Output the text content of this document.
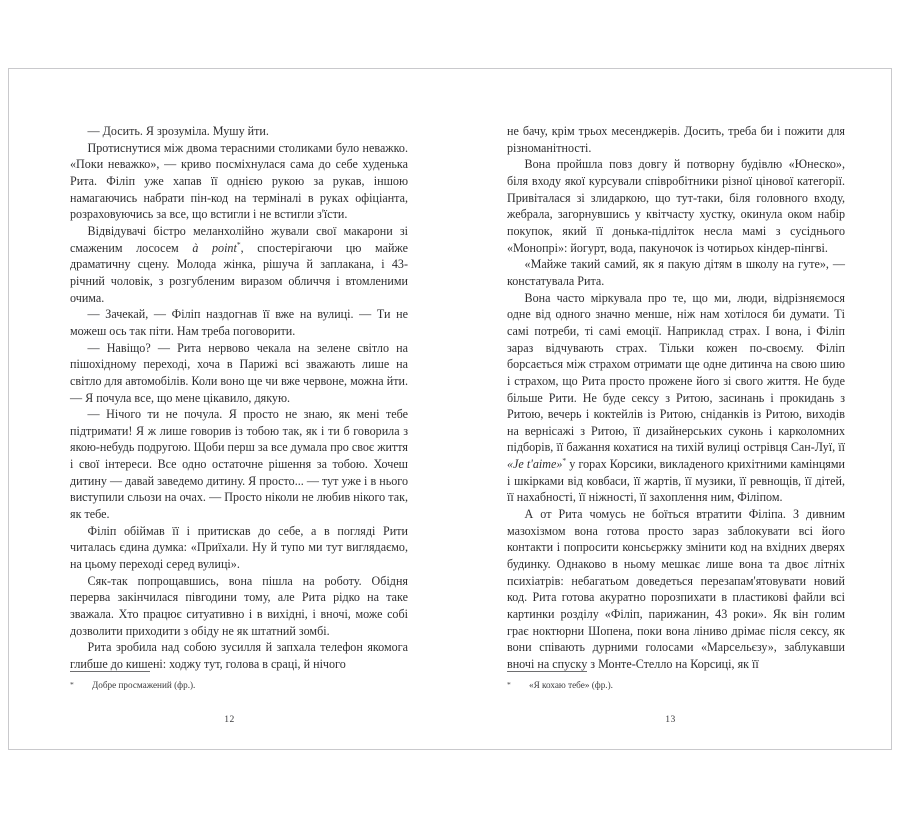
— Досить. Я зрозуміла. Мушу йти.

Протиснутися між двома терасними столиками було неважко. «Поки неважко», — криво посміхнулася сама до себе худенька Рита. Філіп уже хапав її однією рукою за рукав, іншою намагаючись набрати пін-код на терміналі в руках офіціанта, розраховуючись за все, що встигли і не встигли з'їсти.

Відвідувачі бістро меланхолійно жували свої макарони зі смаженим лососем à point*, спостерігаючи цю майже драматичну сцену. Молода жінка, рішуча й заплакана, і 43-річний чоловік, з розгубленим виразом обличчя і втомленими очима.

— Зачекай, — Філіп наздогнав її вже на вулиці. — Ти не можеш ось так піти. Нам треба поговорити.

— Навіщо? — Рита нервово чекала на зелене світло на пішохідному переході, хоча в Парижі всі зважають лише на світло для автомобілів. Коли воно ще чи вже червоне, можна йти. — Я почула все, що мене цікавило, дякую.

— Нічого ти не почула. Я просто не знаю, як мені тебе підтримати! Я ж лише говорив із тобою так, як і ти б говорила з якою-небудь подругою. Щоби перш за все думала про своє життя і свої інтереси. Все одно остаточне рішення за тобою. Хочеш дитину — давай заведемо дитину. Я просто... — тут уже і в нього виступили сльози на очах. — Просто ніколи не любив нікого так, як тебе.

Філіп обіймав її і притискав до себе, а в погляді Рити читалась єдина думка: «Приїхали. Ну й тупо ми тут виглядаємо, на цьому переході серед вулиці».

Сяк-так попрощавшись, вона пішла на роботу. Обідня перерва закінчилася півгодини тому, але Рита рідко на таке зважала. Хто працює ситуативно і в вихідні, і вночі, може собі дозволити приходити з обіду не як штатний зомбі.

Рита зробила над собою зусилля й запхала телефон якомога глибше до кишені: ходжу тут, голова в сраці, й нічого

*	Добре просмажений (фр.).
12

не бачу, крім трьох месенджерів. Досить, треба би і пожити для різноманітності.

Вона пройшла повз довгу й потворну будівлю «Юнеско», біля входу якої курсували співробітники різної цінової категорії. Привіталася зі злидаркою, що тут-таки, біля головного входу, жебрала, загорнувшись у квітчасту хустку, окинула оком набір покупок, який її донька-підліток несла мамі з сусіднього «Монопрі»: йогурт, вода, пакуночок із чотирьох кіндер-пінгві.

«Майже такий самий, як я пакую дітям в школу на гуте», — констатувала Рита.

Вона часто міркувала про те, що ми, люди, відрізняємося одне від одного значно менше, ніж нам хотілося би думати. Ті самі потреби, ті самі емоції. Наприклад страх. І вона, і Філіп зараз відчувають страх. Тільки кожен по-своєму. Філіп борсається між страхом отримати ще одне дитинча на свою шию і страхом, що Рита просто прожене його зі свого життя. Не буде більше Рити. Не буде сексу з Ритою, засинань і прокидань з Ритою, вечерь і коктейлів із Ритою, сніданків із Ритою, виходів на вернісажі з Ритою, її дизайнерських суконь і карколомних підборів, її бажання кохатися на тихій вулиці острівця Сан-Луї, її «Je t'aime»* у горах Корсики, викладеного крихітними камінцями і шкірками від ковбаси, її жартів, її музики, її ревнощів, її дітей, її нахабності, її ніжності, її захоплення ним, Філіпом.

А от Рита чомусь не боїться втратити Філіпа. З дивним мазохізмом вона готова просто зараз заблокувати всі його контакти і попросити консьєржку змінити код на вхідних дверях будинку. Однаково в ньому мешкає лише вона та двоє літніх психіатрів: небагатьом доведеться перезапам'ятовувати новий код. Рита готова акуратно порозпихати в пластикові файли всі картинки розділу «Філіп, парижанин, 43 роки». Як він голим грає ноктюрни Шопена, поки вона лінивo дрімає після сексу, як вони співають дурними голосами «Марсельєзу», заблукавши вночі на спуску з Монте-Стелло на Корсиці, як її

*	«Я кохаю тебе» (фр.).
13
